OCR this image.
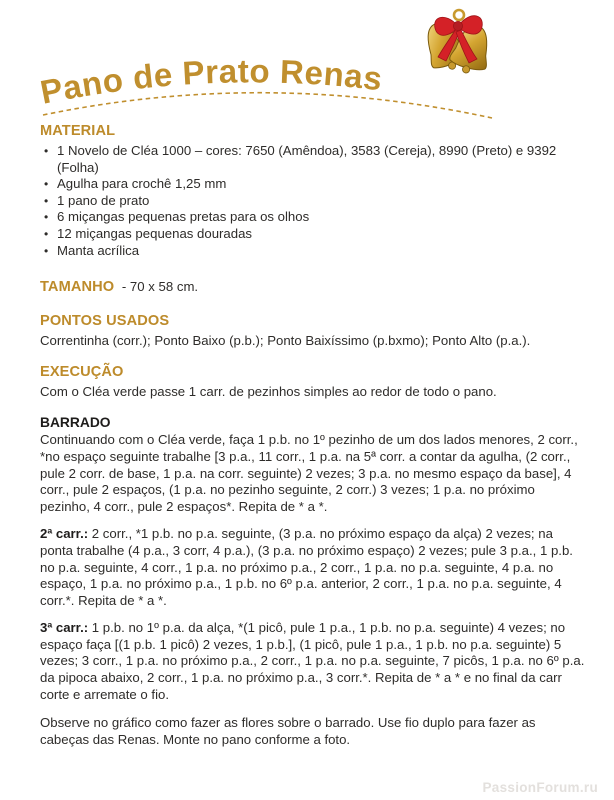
Pano de Prato Renas
MATERIAL
• 1 Novelo de Cléa 1000 – cores: 7650 (Amêndoa), 3583 (Cereja), 8990 (Preto) e 9392 (Folha)
• Agulha para crochê 1,25 mm
• 1 pano de prato
• 6 miçangas pequenas pretas para os olhos
• 12 miçangas pequenas douradas
• Manta acrílica
TAMANHO - 70 x 58 cm.
PONTOS USADOS

Correntinha (corr.); Ponto Baixo (p.b.); Ponto Baixíssimo (p.bxmo); Ponto Alto (p.a.).

EXECUÇÃO

Com o Cléa verde passe 1 carr. de pezinhos simples ao redor de todo o pano.

BARRADO

Continuando com o Cléa verde, faça 1 p.b. no 1º pezinho de um dos lados menores, 2 corr., *no espaço seguinte trabalhe [3 p.a., 11 corr., 1 p.a. na 5ª corr. a contar da agulha, (2 corr., pule 2 corr. de base, 1 p.a. na corr. seguinte) 2 vezes; 3 p.a. no mesmo espaço da base], 4 corr., pule 2 espaços, (1 p.a. no pezinho seguinte, 2 corr.) 3 vezes; 1 p.a. no próximo pezinho, 4 corr., pule 2 espaços*. Repita de * a *.

2ª carr.: 2 corr., *1 p.b. no p.a. seguinte, (3 p.a. no próximo espaço da alça) 2 vezes; na ponta trabalhe (4 p.a., 3 corr, 4 p.a.), (3 p.a. no próximo espaço) 2 vezes; pule 3 p.a., 1 p.b. no p.a. seguinte, 4 corr., 1 p.a. no próximo p.a., 2 corr., 1 p.a. no p.a. seguinte, 4 p.a. no espaço, 1 p.a. no próximo p.a., 1 p.b. no 6º p.a. anterior, 2 corr., 1 p.a. no p.a. seguinte, 4 corr.*. Repita de * a *.

3ª carr.: 1 p.b. no 1º p.a. da alça, *(1 picô, pule 1 p.a., 1 p.b. no p.a. seguinte) 4 vezes; no espaço faça [(1 p.b. 1 picô) 2 vezes, 1 p.b.], (1 picô, pule 1 p.a., 1 p.b. no p.a. seguinte) 5 vezes; 3 corr., 1 p.a. no próximo p.a., 2 corr., 1 p.a. no p.a. seguinte, 7 picôs, 1 p.a. no 6º p.a. da pipoca abaixo, 2 corr., 1 p.a. no próximo p.a., 3 corr.*. Repita de * a * e no final da carr corte e arremate o fio.

Observe no gráfico como fazer as flores sobre o barrado. Use fio duplo para fazer as cabeças das Renas. Monte no pano conforme a foto.

PassionForum.ru
